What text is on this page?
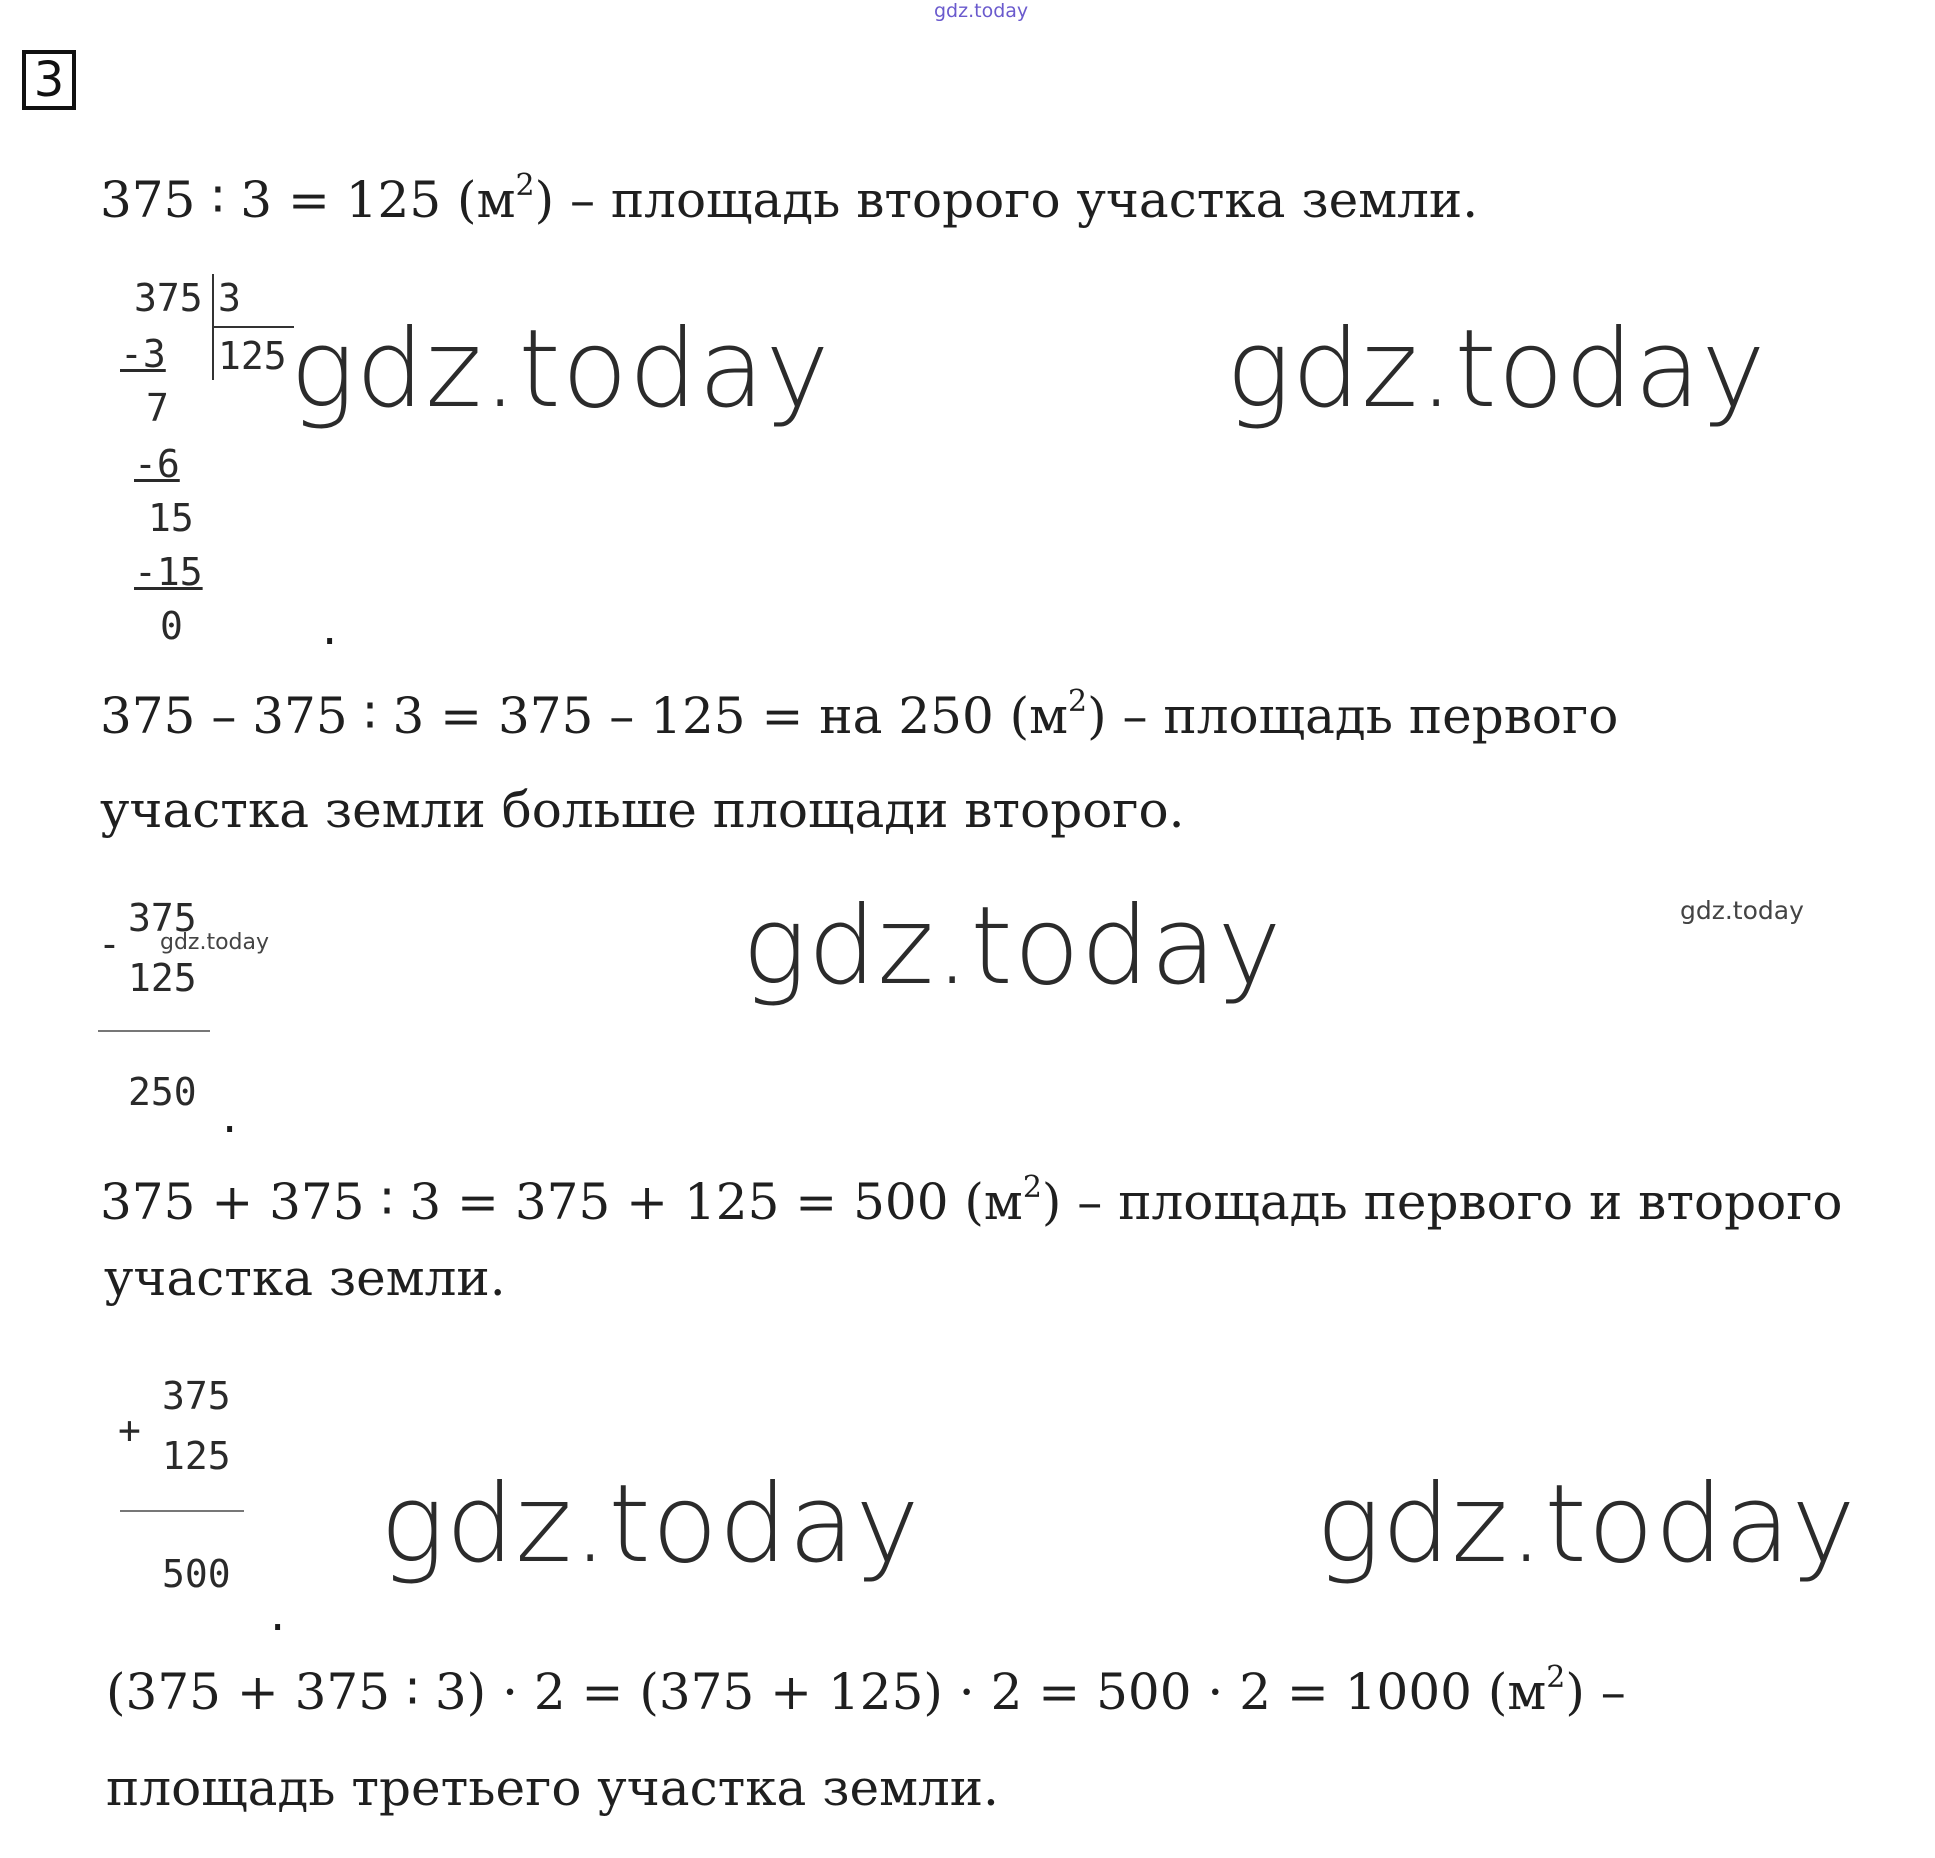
gdz.today
3
375 ∶ 3 = 125 $(м^2)$ – площадь второго участка земли.
375 3
125
-3
7
-6
15
-15
0	.
gdz.today	gdz.today
375 – 375 ∶ 3 = 375 – 125 = на 250 $(м^2)$ – площадь первого
участка земли больше площади второго.
-
375
125
250
gdz.today
.
gdz.today	gdz.today
375 + 375 ∶ 3 = 375 + 125 = 500 $(м^2)$ – площадь первого и второго
участка земли.
+
375
125
500
.
gdz.today	gdz.today
(375 + 375 ∶ 3) · 2 = (375 + 125) · 2 = 500 · 2 = 1000 $(м^2)$ –
площадь третьего участка земли.
